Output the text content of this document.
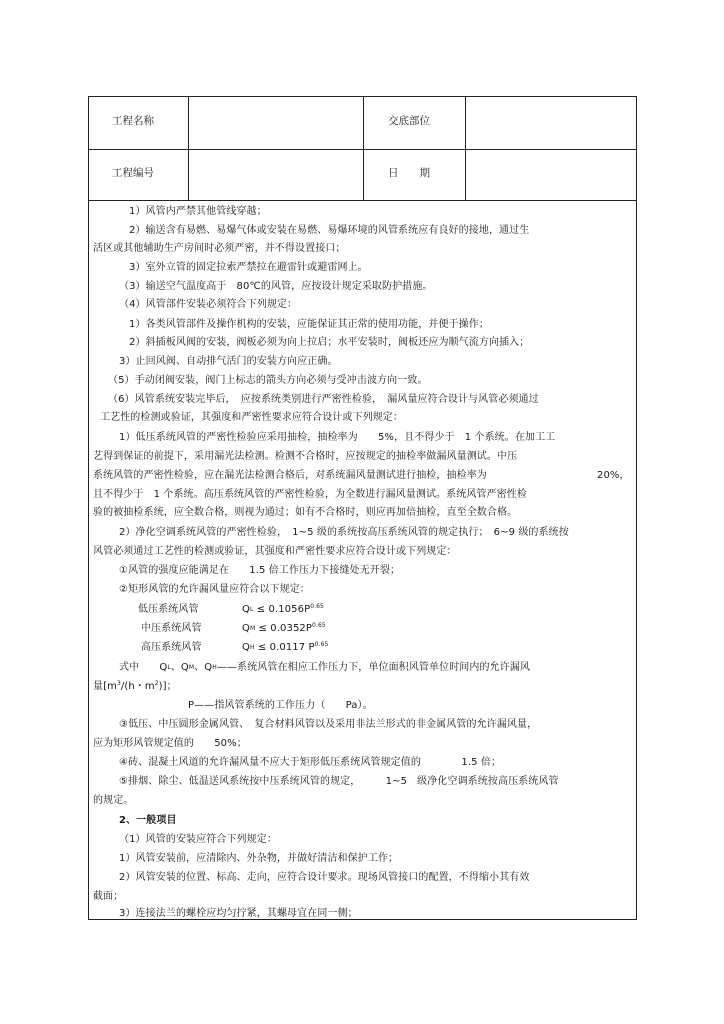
工程名称	交底部位
工程编号	日　　期
1）风管内严禁其他管线穿越；
2）输送含有易燃、易爆气体或安装在易燃、易爆环境的风管系统应有良好的接地，通过生
活区或其他辅助生产房间时必须严密，并不得设置接口；
3）室外立管的固定拉索严禁拉在避雷针或避雷网上。
（3）输送空气温度高于　80℃的风管，应按设计规定采取防护措施。
（4）风管部件安装必须符合下列规定：
1）各类风管部件及操作机构的安装，应能保证其正常的使用功能，并便于操作；
2）斜插板风阀的安装，阀板必须为向上拉启；水平安装时，阀板还应为顺气流方向插入；
3）止回风阀、自动排气活门的安装方向应正确。
（5）手动闭阀安装，阀门上标志的箭头方向必须与受冲击波方向一致。
（6）风管系统安装完毕后，　应按系统类别进行严密性检验，　漏风量应符合设计与风管必须通过
工艺性的检测或验证，其强度和严密性要求应符合设计或下列规定：
1）低压系统风管的严密性检验应采用抽检，抽检率为　　5%，且不得少于　1 个系统。在加工工
艺得到保证的前提下，采用漏光法检测。检测不合格时，应按规定的抽检率做漏风量测试。中压
系统风管的严密性检验，应在漏光法检测合格后，对系统漏风量测试进行抽检，抽检率为	20%，
且不得少于　1 个系统。高压系统风管的严密性检验，为全数进行漏风量测试。系统风管严密性检
验的被抽检系统，应全数合格，则视为通过；如有不合格时，则应再加倍抽检，直至全数合格。
2）净化空调系统风管的严密性检验，　1~5 级的系统按高压系统风管的规定执行；　6~9 级的系统按
风管必须通过工艺性的检测或验证，其强度和严密性要求应符合设计或下列规定：
①风管的强度应能满足在　　1.5 倍工作压力下接缝处无开裂；
②矩形风管的允许漏风量应符合以下规定：
低压系统风管	QL ≤ $0.1056P^{0.65}$
中压系统风管	QM ≤ $0.0352P^{0.65}$
高压系统风管	QH ≤ 0.0117 $P^{0.65}$
式中　　QL、QM、QH——系统风管在相应工作压力下，单位面积风管单位时间内的允许漏风
量[$m^3/(h$・$m^2$)]；
P——指风管系统的工作压力（　　Pa）。
③低压、中压圆形金属风管、　复合材料风管以及采用非法兰形式的非金属风管的允许漏风量，
应为矩形风管规定值的　　50%；
④砖、混凝土风道的允许漏风量不应大于矩形低压系统风管规定值的　　　　1.5 倍；
⑤排烟、除尘、低温送风系统按中压系统风管的规定，　　　1~5　级净化空调系统按高压系统风管
的规定。
2、一般项目
（1）风管的安装应符合下列规定：
1）风管安装前，应清除内、外杂物，并做好清洁和保护工作；
2）风管安装的位置、标高、走向，应符合设计要求。现场风管接口的配置，不得缩小其有效
截面；
3）连接法兰的螺栓应均匀拧紧，其螺母宜在同一侧；
